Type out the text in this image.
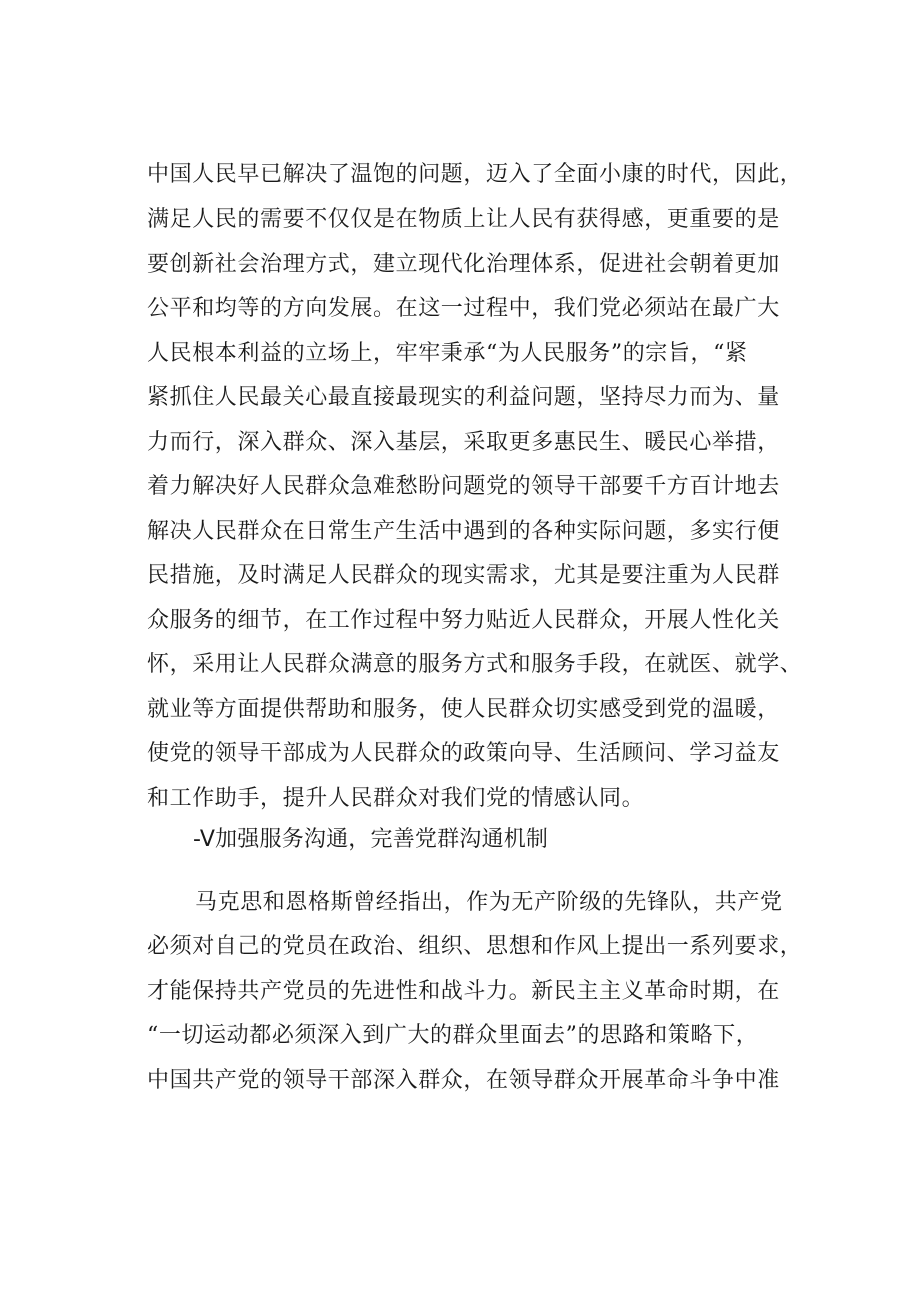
中国人民早已解决了温饱的问题，迈入了全面小康的时代，因此，
满足人民的需要不仅仅是在物质上让人民有获得感，更重要的是
要创新社会治理方式，建立现代化治理体系，促进社会朝着更加
公平和均等的方向发展。在这一过程中，我们党必须站在最广大
人民根本利益的立场上，牢牢秉承“为人民服务”的宗旨，“紧
紧抓住人民最关心最直接最现实的利益问题，坚持尽力而为、量
力而行，深入群众、深入基层，采取更多惠民生、暖民心举措，
着力解决好人民群众急难愁盼问题党的领导干部要千方百计地去
解决人民群众在日常生产生活中遇到的各种实际问题，多实行便
民措施，及时满足人民群众的现实需求，尤其是要注重为人民群
众服务的细节，在工作过程中努力贴近人民群众，开展人性化关
怀，采用让人民群众满意的服务方式和服务手段，在就医、就学、
就业等方面提供帮助和服务，使人民群众切实感受到党的温暖，
使党的领导干部成为人民群众的政策向导、生活顾问、学习益友
和工作助手，提升人民群众对我们党的情感认同。
-V加强服务沟通，完善党群沟通机制
马克思和恩格斯曾经指出，作为无产阶级的先锋队，共产党
必须对自己的党员在政治、组织、思想和作风上提出一系列要求，
才能保持共产党员的先进性和战斗力。新民主主义革命时期，在
“一切运动都必须深入到广大的群众里面去”的思路和策略下，
中国共产党的领导干部深入群众，在领导群众开展革命斗争中准
